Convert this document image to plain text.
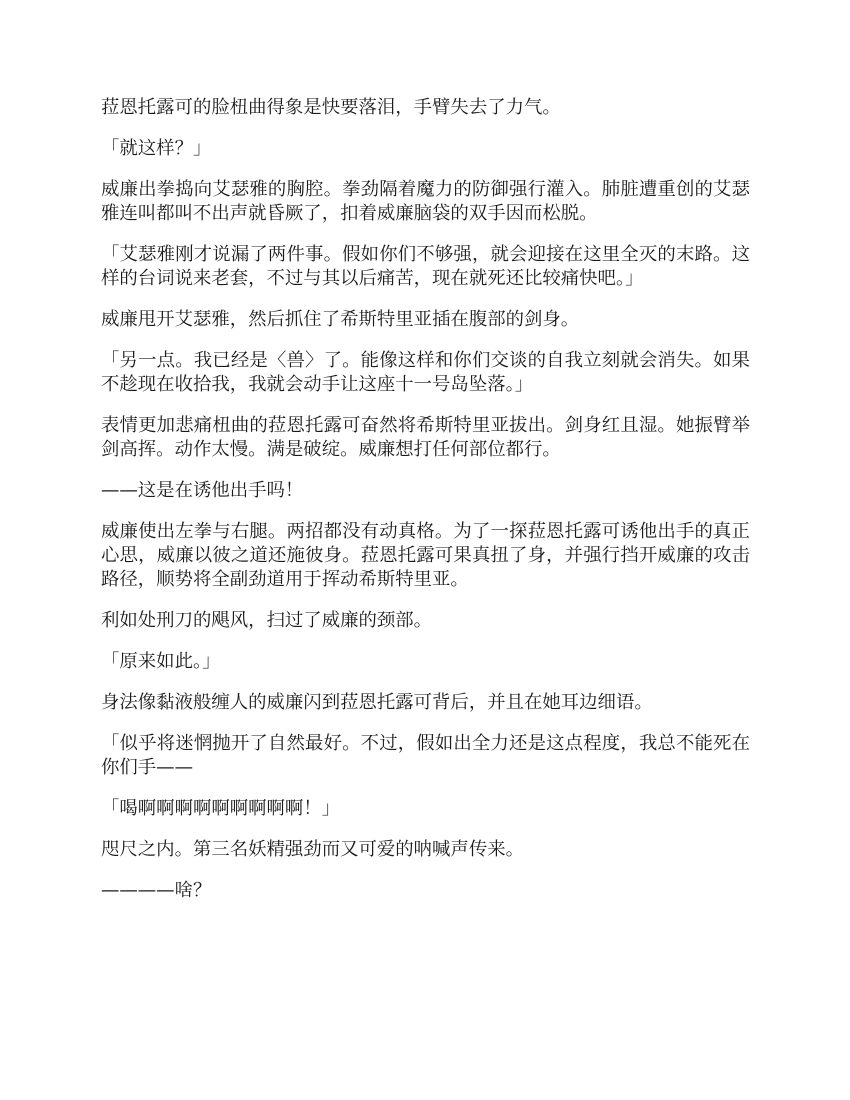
菈恩托露可的脸杻曲得象是快要落泪，手臂失去了力气。

「就这样？」

威廉出拳捣向艾瑟雅的胸腔。拳劲隔着魔力的防御强行灌入。肺脏遭重创的艾瑟雅连叫都叫不出声就昏厥了，扣着威廉脑袋的双手因而松脱。

「艾瑟雅刚才说漏了两件事。假如你们不够强，就会迎接在这里全灭的末路。这样的台词说来老套，不过与其以后痛苦，现在就死还比较痛快吧。」

威廉甩开艾瑟雅，然后抓住了希斯特里亚插在腹部的剑身。

「另一点。我已经是〈兽〉了。能像这样和你们交谈的自我立刻就会消失。如果不趁现在收拾我，我就会动手让这座十一号岛坠落。」

表情更加悲痛杻曲的菈恩托露可奋然将希斯特里亚拔出。剑身红且湿。她振臂举剑高挥。动作太慢。满是破绽。威廉想打任何部位都行。

——这是在诱他出手吗！

威廉使出左拳与右腿。两招都没有动真格。为了一探菈恩托露可诱他出手的真正心思，威廉以彼之道还施彼身。菈恩托露可果真扭了身，并强行挡开威廉的攻击路径，顺势将全副劲道用于挥动希斯特里亚。

利如处刑刀的飓风，扫过了威廉的颈部。

「原来如此。」

身法像黏液般缠人的威廉闪到菈恩托露可背后，并且在她耳边细语。

「似乎将迷惘抛开了自然最好。不过，假如出全力还是这点程度，我总不能死在你们手——

「喝啊啊啊啊啊啊啊啊啊！」

咫尺之内。第三名妖精强劲而又可爱的呐喊声传来。

————啥？
